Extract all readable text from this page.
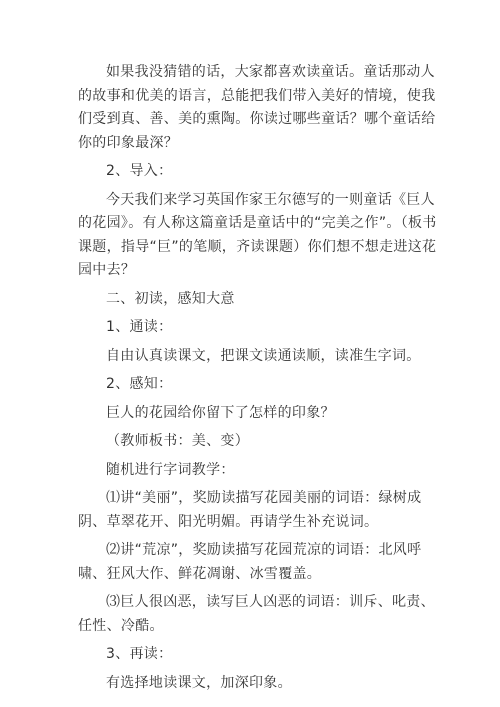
如果我没猜错的话，大家都喜欢读童话。童话那动人的故事和优美的语言，总能把我们带入美好的情境，使我们受到真、善、美的熏陶。你读过哪些童话？哪个童话给你的印象最深？

2、导入：

今天我们来学习英国作家王尔德写的一则童话《巨人的花园》。有人称这篇童话是童话中的“完美之作”。（板书课题，指导“巨”的笔顺，齐读课题）你们想不想走进这花园中去？

二、初读，感知大意

1、通读：

自由认真读课文，把课文读通读顺，读准生字词。

2、感知：

巨人的花园给你留下了怎样的印象？

（教师板书：美、变）

随机进行字词教学：

⑴讲“美丽”，奖励读描写花园美丽的词语：绿树成阴、草翠花开、阳光明媚。再请学生补充说词。

⑵讲“荒凉”，奖励读描写花园荒凉的词语：北风呼啸、狂风大作、鲜花凋谢、冰雪覆盖。

⑶巨人很凶恶，读写巨人凶恶的词语：训斥、叱责、任性、冷酷。

3、再读：

有选择地读课文，加深印象。
